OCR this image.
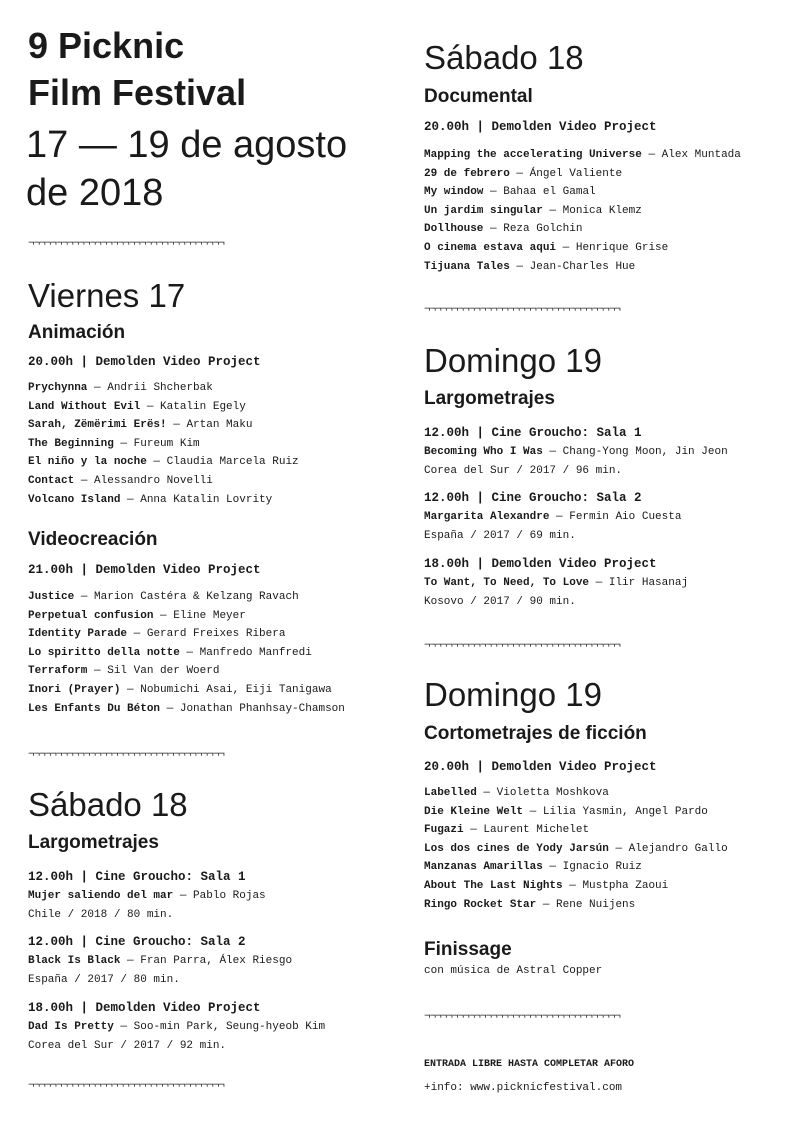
9 Picknic
Film Festival
17 — 19 de agosto
de 2018
¬¬¬¬¬¬¬¬¬¬¬¬¬¬¬¬¬¬¬¬¬¬¬¬¬¬¬¬¬¬¬¬¬¬¬
Viernes 17
Animación
20.00h | Demolden Video Project
Prychynna — Andrii Shcherbak
Land Without Evil — Katalin Egely
Sarah, Zëmërimi Erës! — Artan Maku
The Beginning — Fureum Kim
El niño y la noche — Claudia Marcela Ruiz
Contact — Alessandro Novelli
Volcano Island — Anna Katalin Lovrity
Videocreación
21.00h | Demolden Video Project
Justice — Marion Castéra & Kelzang Ravach
Perpetual confusion — Eline Meyer
Identity Parade — Gerard Freixes Ribera
Lo spiritto della notte — Manfredo Manfredi
Terraform — Sil Van der Woerd
Inori (Prayer) — Nobumichi Asai, Eiji Tanigawa
Les Enfants Du Béton — Jonathan Phanhsay-Chamson
¬¬¬¬¬¬¬¬¬¬¬¬¬¬¬¬¬¬¬¬¬¬¬¬¬¬¬¬¬¬¬¬¬¬¬
Sábado 18
Largometrajes
12.00h | Cine Groucho: Sala 1
Mujer saliendo del mar — Pablo Rojas
Chile / 2018 / 80 min.
12.00h | Cine Groucho: Sala 2
Black Is Black — Fran Parra, Álex Riesgo
España / 2017 / 80 min.
18.00h | Demolden Video Project
Dad Is Pretty — Soo-min Park, Seung-hyeob Kim
Corea del Sur / 2017 / 92 min.
¬¬¬¬¬¬¬¬¬¬¬¬¬¬¬¬¬¬¬¬¬¬¬¬¬¬¬¬¬¬¬¬¬¬¬
Sábado 18
Documental
20.00h | Demolden Video Project
Mapping the accelerating Universe — Alex Muntada
29 de febrero — Ángel Valiente
My window — Bahaa el Gamal
Un jardim singular — Monica Klemz
Dollhouse — Reza Golchin
O cinema estava aqui — Henrique Grise
Tijuana Tales — Jean-Charles Hue
¬¬¬¬¬¬¬¬¬¬¬¬¬¬¬¬¬¬¬¬¬¬¬¬¬¬¬¬¬¬¬¬¬¬¬
Domingo 19
Largometrajes
12.00h | Cine Groucho: Sala 1
Becoming Who I Was — Chang-Yong Moon, Jin Jeon
Corea del Sur / 2017 / 96 min.
12.00h | Cine Groucho: Sala 2
Margarita Alexandre — Fermin Aio Cuesta
España / 2017 / 69 min.
18.00h | Demolden Video Project
To Want, To Need, To Love — Ilir Hasanaj
Kosovo / 2017 / 90 min.
¬¬¬¬¬¬¬¬¬¬¬¬¬¬¬¬¬¬¬¬¬¬¬¬¬¬¬¬¬¬¬¬¬¬¬
Domingo 19
Cortometrajes de ficción
20.00h | Demolden Video Project
Labelled — Violetta Moshkova
Die Kleine Welt — Lilia Yasmin, Angel Pardo
Fugazi — Laurent Michelet
Los dos cines de Yody Jarsún — Alejandro Gallo
Manzanas Amarillas — Ignacio Ruiz
About The Last Nights — Mustpha Zaoui
Ringo Rocket Star — Rene Nuijens
Finissage
con música de Astral Copper
¬¬¬¬¬¬¬¬¬¬¬¬¬¬¬¬¬¬¬¬¬¬¬¬¬¬¬¬¬¬¬¬¬¬¬
ENTRADA LIBRE HASTA COMPLETAR AFORO
+info: www.picknicfestival.com
